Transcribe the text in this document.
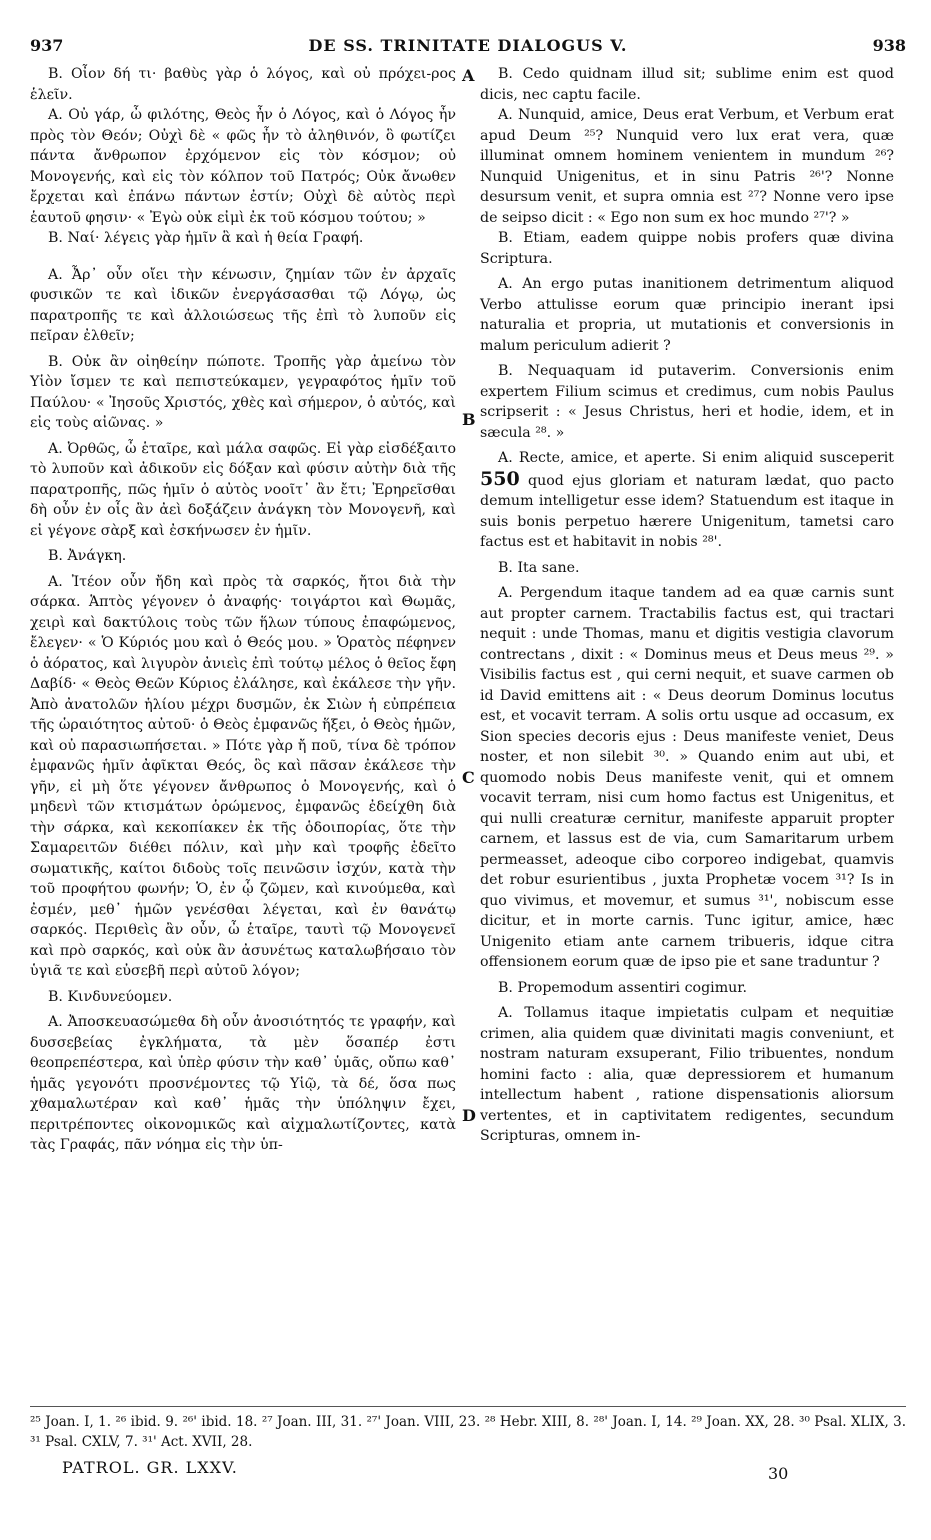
937	DE SS. TRINITATE DIALOGUS V.	938

B. Οἶον δή τι· βαθὺς γὰρ ὁ λόγος, καὶ οὐ πρόχει-ρος ἑλεῖν.

A. Οὐ γάρ, ὦ φιλότης, Θεὸς ἦν ὁ Λόγος, καὶ ὁ Λόγος ἦν πρὸς τὸν Θεόν; Οὐχὶ δὲ « φῶς ἦν τὸ ἀληθινόν, ὃ φωτίζει πάντα ἄνθρωπον ἐρχόμενον εἰς τὸν κόσμον; οὐ Μονογενής, καὶ εἰς τὸν κόλπον τοῦ Πατρός; Οὐκ ἄνωθεν ἔρχεται καὶ ἐπάνω πάντων ἐστίν; Οὐχὶ δὲ αὐτὸς περὶ ἑαυτοῦ φησιν· « Ἐγὼ οὐκ εἰμὶ ἐκ τοῦ κόσμου τούτου; »

B. Ναί· λέγεις γὰρ ἡμῖν ἃ καὶ ἡ θεία Γραφή.

A. Ἆρ᾽ οὖν οἴει τὴν κένωσιν, ζημίαν τῶν ἐν ἀρχαῖς φυσικῶν τε καὶ ἰδικῶν ἐνεργάσασθαι τῷ Λόγῳ, ὡς παρατροπῆς τε καὶ ἀλλοιώσεως τῆς ἐπὶ τὸ λυποῦν εἰς πεῖραν ἐλθεῖν;

B. Οὐκ ἂν οἰηθείην πώποτε. Τροπῆς γὰρ ἀμείνω τὸν Υἱὸν ἴσμεν τε καὶ πεπιστεύκαμεν, γεγραφότος ἡμῖν τοῦ Παύλου· « Ἰησοῦς Χριστός, χθὲς καὶ σήμερον, ὁ αὐτός, καὶ εἰς τοὺς αἰῶνας. »

A. Ὀρθῶς, ὦ ἑταῖρε, καὶ μάλα σαφῶς. Εἰ γὰρ εἰσδέξαιτο τὸ λυποῦν καὶ ἀδικοῦν εἰς δόξαν καὶ φύσιν αὐτὴν διὰ τῆς παρατροπῆς, πῶς ἡμῖν ὁ αὐτὸς νοοῖτ᾽ ἂν ἔτι; Ἐρηρεῖσθαι δὴ οὖν ἐν οἷς ἂν ἀεὶ δοξάζειν ἀνάγκη τὸν Μονογενῆ, καὶ εἰ γέγονε σὰρξ καὶ ἐσκήνωσεν ἐν ἡμῖν.

B. Ἀνάγκη.

A. Ἰτέον οὖν ἤδη καὶ πρὸς τὰ σαρκός, ἤτοι διὰ τὴν σάρκα. Ἁπτὸς γέγονεν ὁ ἀναφής· τοιγάρτοι καὶ Θωμᾶς, χειρὶ καὶ δακτύλοις τοὺς τῶν ἥλων τύπους ἐπαφώμενος, ἔλεγεν· « Ὁ Κύριός μου καὶ ὁ Θεός μου. » Ὁρατὸς πέφηνεν ὁ ἀόρατος, καὶ λιγυρὸν ἀνιεὶς ἐπὶ τούτῳ μέλος ὁ θεῖος ἔφη Δαβίδ· « Θεὸς Θεῶν Κύριος ἐλάλησε, καὶ ἐκάλεσε τὴν γῆν. Ἀπὸ ἀνατολῶν ἡλίου μέχρι δυσμῶν, ἐκ Σιὼν ἡ εὐπρέπεια τῆς ὡραιότητος αὐτοῦ· ὁ Θεὸς ἐμφανῶς ἥξει, ὁ Θεὸς ἡμῶν, καὶ οὐ παρασιωπήσεται. » Πότε γὰρ ἤ ποῦ, τίνα δὲ τρόπον ἐμφανῶς ἡμῖν ἀφῖκται Θεός, ὃς καὶ πᾶσαν ἐκάλεσε τὴν γῆν, εἰ μὴ ὅτε γέγονεν ἄνθρωπος ὁ Μονογενής, καὶ ὁ μηδενὶ τῶν κτισμάτων ὁρώμενος, ἐμφανῶς ἐδείχθη διὰ τὴν σάρκα, καὶ κεκοπίακεν ἐκ τῆς ὁδοιπορίας, ὅτε τὴν Σαμαρειτῶν διέθει πόλιν, καὶ μὴν καὶ τροφῆς ἐδεῖτο σωματικῆς, καίτοι διδοὺς τοῖς πεινῶσιν ἰσχύν, κατὰ τὴν τοῦ προφήτου φωνήν; Ὁ, ἐν ᾧ ζῶμεν, καὶ κινούμεθα, καὶ ἐσμέν, μεθ᾽ ἡμῶν γενέσθαι λέγεται, καὶ ἐν θανάτῳ σαρκός. Περιθεὶς ἂν οὖν, ὦ ἑταῖρε, ταυτὶ τῷ Μονογενεῖ καὶ πρὸ σαρκός, καὶ οὐκ ἂν ἀσυνέτως καταλωβήσαιο τὸν ὑγιᾶ τε καὶ εὐσεβῆ περὶ αὐτοῦ λόγον;

B. Κινδυνεύομεν.

A. Ἀποσκευασώμεθα δὴ οὖν ἀνοσιότητός τε γραφήν, καὶ δυσσεβείας ἐγκλήματα, τὰ μὲν ὅσαπέρ ἐστι θεοπρεπέστερα, καὶ ὑπὲρ φύσιν τὴν καθ᾽ ὑμᾶς, οὔπω καθ᾽ ἡμᾶς γεγονότι προσνέμοντες τῷ Υἱῷ, τὰ δέ, ὅσα πως χθαμαλωτέραν καὶ καθ᾽ ἡμᾶς τὴν ὑπόληψιν ἔχει, περιτρέποντες οἰκονομικῶς καὶ αἰχμαλωτίζοντες, κατὰ τὰς Γραφάς, πᾶν νόημα εἰς τὴν ὑπ-

A
B
C
D

B. Cedo quidnam illud sit; sublime enim est quod dicis, nec captu facile.

A. Nunquid, amice, Deus erat Verbum, et Verbum erat apud Deum ²⁵? Nunquid vero lux erat vera, quæ illuminat omnem hominem venientem in mundum ²⁶? Nunquid Unigenitus, et in sinu Patris ²⁶'? Nonne desursum venit, et supra omnia est ²⁷? Nonne vero ipse de seipso dicit : « Ego non sum ex hoc mundo ²⁷'? »

B. Etiam, eadem quippe nobis profers quæ divina Scriptura.

A. An ergo putas inanitionem detrimentum aliquod Verbo attulisse eorum quæ principio inerant ipsi naturalia et propria, ut mutationis et conversionis in malum periculum adierit ?

B. Nequaquam id putaverim. Conversionis enim expertem Filium scimus et credimus, cum nobis Paulus scripserit : « Jesus Christus, heri et hodie, idem, et in sæcula ²⁸. »

A. Recte, amice, et aperte. Si enim aliquid susceperit 550 quod ejus gloriam et naturam lædat, quo pacto demum intelligetur esse idem? Statuendum est itaque in suis bonis perpetuo hærere Unigenitum, tametsi caro factus est et habitavit in nobis ²⁸'.

B. Ita sane.

A. Pergendum itaque tandem ad ea quæ carnis sunt aut propter carnem. Tractabilis factus est, qui tractari nequit : unde Thomas, manu et digitis vestigia clavorum contrectans , dixit : « Dominus meus et Deus meus ²⁹. » Visibilis factus est , qui cerni nequit, et suave carmen ob id David emittens ait : « Deus deorum Dominus locutus est, et vocavit terram. A solis ortu usque ad occasum, ex Sion species decoris ejus : Deus manifeste veniet, Deus noster, et non silebit ³⁰. » Quando enim aut ubi, et quomodo nobis Deus manifeste venit, qui et omnem vocavit terram, nisi cum homo factus est Unigenitus, et qui nulli creaturæ cernitur, manifeste apparuit propter carnem, et lassus est de via, cum Samaritarum urbem permeasset, adeoque cibo corporeo indigebat, quamvis det robur esurientibus , juxta Prophetæ vocem ³¹? Is in quo vivimus, et movemur, et sumus ³¹', nobiscum esse dicitur, et in morte carnis. Tunc igitur, amice, hæc Unigenito etiam ante carnem tribueris, idque citra offensionem eorum quæ de ipso pie et sane traduntur ?

B. Propemodum assentiri cogimur.

A. Tollamus itaque impietatis culpam et nequitiæ crimen, alia quidem quæ divinitati magis conveniunt, et nostram naturam exsuperant, Filio tribuentes, nondum homini facto : alia, quæ depressiorem et humanum intellectum habent , ratione dispensationis aliorsum vertentes, et in captivitatem redigentes, secundum Scripturas, omnem in-

²⁵ Joan. I, 1. ²⁶ ibid. 9. ²⁶' ibid. 18. ²⁷ Joan. III, 31. ²⁷' Joan. VIII, 23. ²⁸ Hebr. XIII, 8. ²⁸' Joan. I, 14. ²⁹ Joan. XX, 28. ³⁰ Psal. XLIX, 3. ³¹ Psal. CXLV, 7. ³¹' Act. XVII, 28.
PATROL. GR. LXXV.	30
